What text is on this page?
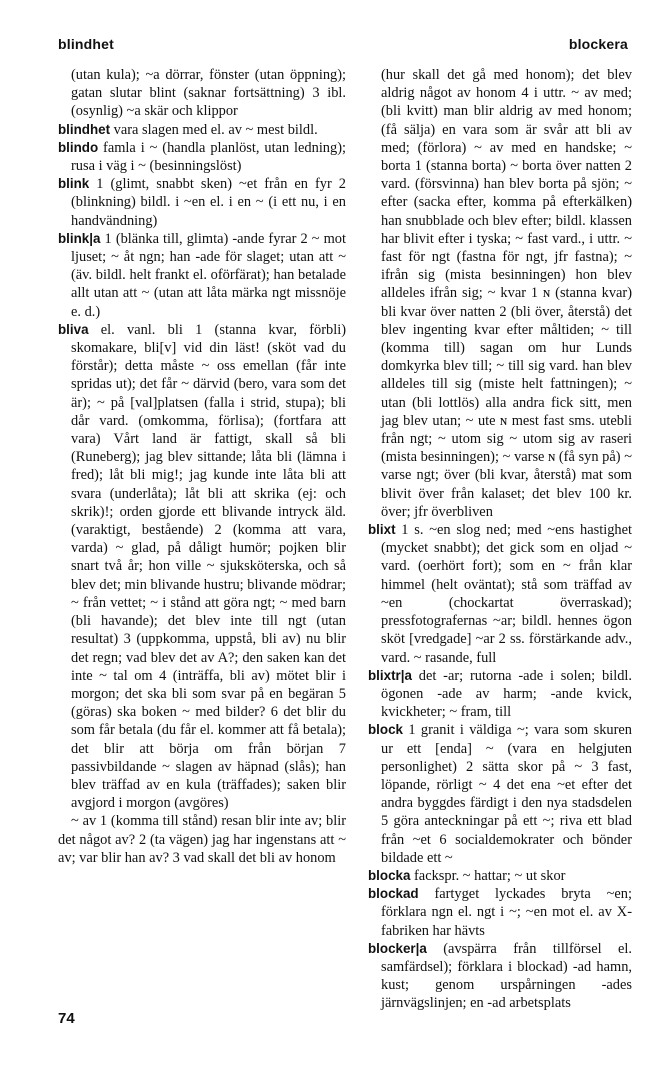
blindhet	blockera

(utan kula); ~a dörrar, fönster (utan öppning); gatan slutar blint (saknar fortsättning) 3 ibl. (osynlig) ~a skär och klippor

blindhet vara slagen med el. av ~ mest bildl.

blindo famla i ~ (handla planlöst, utan ledning); rusa i väg i ~ (besinningslöst)

blink 1 (glimt, snabbt sken) ~et från en fyr 2 (blinkning) bildl. i ~en el. i en ~ (i ett nu, i en handvändning)

blink|a 1 (blänka till, glimta) -ande fyrar 2 ~ mot ljuset; ~ åt ngn; han -ade för slaget; utan att ~ (äv. bildl. helt frankt el. oförfärat); han betalade allt utan att ~ (utan att låta märka ngt missnöje e. d.)

bliva el. vanl. bli 1 (stanna kvar, förbli) skomakare, bli[v] vid din läst! (sköt vad du förstår); detta måste ~ oss emellan (får inte spridas ut); det får ~ därvid (bero, vara som det är); ~ på [val]platsen (falla i strid, stupa); bli dår vard. (omkomma, förlisa); (fortfara att vara) Vårt land är fattigt, skall så bli (Runeberg); jag blev sittande; låta bli (lämna i fred); låt bli mig!; jag kunde inte låta bli att svara (underlåta); låt bli att skrika (ej: och skrik)!; orden gjorde ett blivande intryck äld. (varaktigt, bestående) 2 (komma att vara, varda) ~ glad, på dåligt humör; pojken blir snart två år; hon ville ~ sjuksköterska, och så blev det; min blivande hustru; blivande mödrar; ~ från vettet; ~ i stånd att göra ngt; ~ med barn (bli havande); det blev inte till ngt (utan resultat) 3 (uppkomma, uppstå, bli av) nu blir det regn; vad blev det av A?; den saken kan det inte ~ tal om 4 (inträffa, bli av) mötet blir i morgon; det ska bli som svar på en begäran 5 (göras) ska boken ~ med bilder? 6 det blir du som får betala (du får el. kommer att få betala); det blir att börja om från början 7 passivbildande ~ slagen av häpnad (slås); han blev träffad av en kula (träffades); saken blir avgjord i morgon (avgöres)

~ av 1 (komma till stånd) resan blir inte av; blir det något av? 2 (ta vägen) jag har ingenstans att ~ av; var blir han av? 3 vad skall det bli av honom

(hur skall det gå med honom); det blev aldrig något av honom 4 i uttr. ~ av med; (bli kvitt) man blir aldrig av med honom; (få sälja) en vara som är svår att bli av med; (förlora) ~ av med en handske; ~ borta 1 (stanna borta) ~ borta över natten 2 vard. (försvinna) han blev borta på sjön; ~ efter (sacka efter, komma på efterkälken) han snubblade och blev efter; bildl. klassen har blivit efter i tyska; ~ fast vard., i uttr. ~ fast för ngt (fastna för ngt, jfr fastna); ~ ifrån sig (mista besinningen) hon blev alldeles ifrån sig; ~ kvar 1 ɴ (stanna kvar) bli kvar över natten 2 (bli över, återstå) det blev ingenting kvar efter måltiden; ~ till (komma till) sagan om hur Lunds domkyrka blev till; ~ till sig vard. han blev alldeles till sig (miste helt fattningen); ~ utan (bli lottlös) alla andra fick sitt, men jag blev utan; ~ ute ɴ mest fast sms. utebli från ngt; ~ utom sig ~ utom sig av raseri (mista besinningen); ~ varse ɴ (få syn på) ~ varse ngt; över (bli kvar, återstå) mat som blivit över från kalaset; det blev 100 kr. över; jfr överbliven

blixt 1 s. ~en slog ned; med ~ens hastighet (mycket snabbt); det gick som en oljad ~ vard. (oerhört fort); som en ~ från klar himmel (helt oväntat); stå som träffad av ~en (chockartat överraskad); pressfotografernas ~ar; bildl. hennes ögon sköt [vredgade] ~ar 2 ss. förstärkande adv., vard. ~ rasande, full

blixtr|a det -ar; rutorna -ade i solen; bildl. ögonen -ade av harm; -ande kvick, kvickheter; ~ fram, till

block 1 granit i väldiga ~; vara som skuren ur ett [enda] ~ (vara en helgjuten personlighet) 2 sätta skor på ~ 3 fast, löpande, rörligt ~ 4 det ena ~et efter det andra byggdes färdigt i den nya stadsdelen 5 göra anteckningar på ett ~; riva ett blad från ~et 6 socialdemokrater och bönder bildade ett ~

blocka fackspr. ~ hattar; ~ ut skor

blockad fartyget lyckades bryta ~en; förklara ngn el. ngt i ~; ~en mot el. av X-fabriken har hävts

blocker|a (avspärra från tillförsel el. samfärdsel); förklara i blockad) -ad hamn, kust; genom urspårningen -ades järnvägslinjen; en -ad arbetsplats

74
